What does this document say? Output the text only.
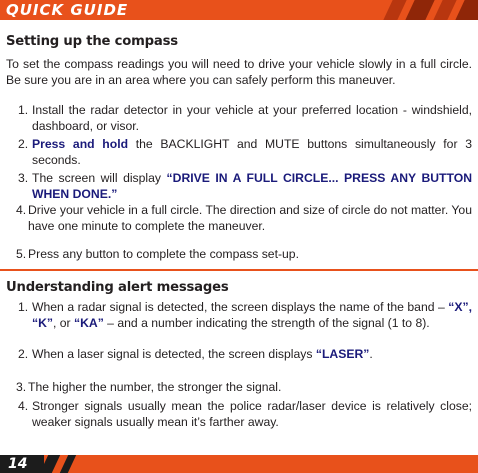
QUICK GUIDE
Setting up the compass
To set the compass readings you will need to drive your vehicle slowly in a full circle. Be sure you are in an area where you can safely perform this maneuver.
1. Install the radar detector in your vehicle at your preferred location - windshield, dashboard, or visor.
2. Press and hold the BACKLIGHT and MUTE buttons simultaneously for 3 seconds.
3. The screen will display “DRIVE IN A FULL CIRCLE... PRESS ANY BUTTON WHEN DONE.”
4. Drive your vehicle in a full circle. The direction and size of circle do not matter. You have one minute to complete the maneuver.
5. Press any button to complete the compass set-up.
Understanding alert messages
1. When a radar signal is detected, the screen displays the name of the band – “X”, “K”, or “KA” – and a number indicating the strength of the signal (1 to 8).
2. When a laser signal is detected, the screen displays “LASER”.
3. The higher the number, the stronger the signal.
4. Stronger signals usually mean the police radar/laser device is relatively close; weaker signals usually mean it’s farther away.
14
